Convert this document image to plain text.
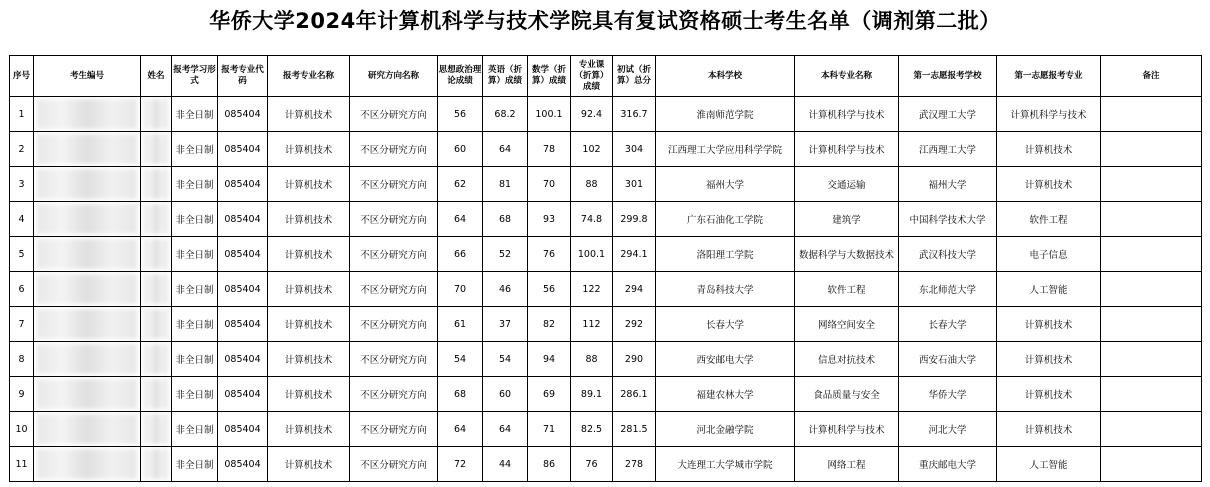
华侨大学2024年计算机科学与技术学院具有复试资格硕士考生名单（调剂第二批）
序号	考生编号	姓名	报考学习形式	报考专业代码	报考专业名称	研究方向名称	思想政治理论成绩	英语（折算）成绩	数学（折算）成绩	专业课（折算）成绩	初试（折算）总分	本科学校	本科专业名称	第一志愿报考学校	第一志愿报考专业	备注
1			非全日制	085404	计算机技术	不区分研究方向	56	68.2	100.1	92.4	316.7	淮南师范学院	计算机科学与技术	武汉理工大学	计算机科学与技术	
2			非全日制	085404	计算机技术	不区分研究方向	60	64	78	102	304	江西理工大学应用科学学院	计算机科学与技术	江西理工大学	计算机技术	
3			非全日制	085404	计算机技术	不区分研究方向	62	81	70	88	301	福州大学	交通运输	福州大学	计算机技术	
4			非全日制	085404	计算机技术	不区分研究方向	64	68	93	74.8	299.8	广东石油化工学院	建筑学	中国科学技术大学	软件工程	
5			非全日制	085404	计算机技术	不区分研究方向	66	52	76	100.1	294.1	洛阳理工学院	数据科学与大数据技术	武汉科技大学	电子信息	
6			非全日制	085404	计算机技术	不区分研究方向	70	46	56	122	294	青岛科技大学	软件工程	东北师范大学	人工智能	
7			非全日制	085404	计算机技术	不区分研究方向	61	37	82	112	292	长春大学	网络空间安全	长春大学	计算机技术	
8			非全日制	085404	计算机技术	不区分研究方向	54	54	94	88	290	西安邮电大学	信息对抗技术	西安石油大学	计算机技术	
9			非全日制	085404	计算机技术	不区分研究方向	68	60	69	89.1	286.1	福建农林大学	食品质量与安全	华侨大学	计算机技术	
10			非全日制	085404	计算机技术	不区分研究方向	64	64	71	82.5	281.5	河北金融学院	计算机科学与技术	河北大学	计算机技术	
11			非全日制	085404	计算机技术	不区分研究方向	72	44	86	76	278	大连理工大学城市学院	网络工程	重庆邮电大学	人工智能	
